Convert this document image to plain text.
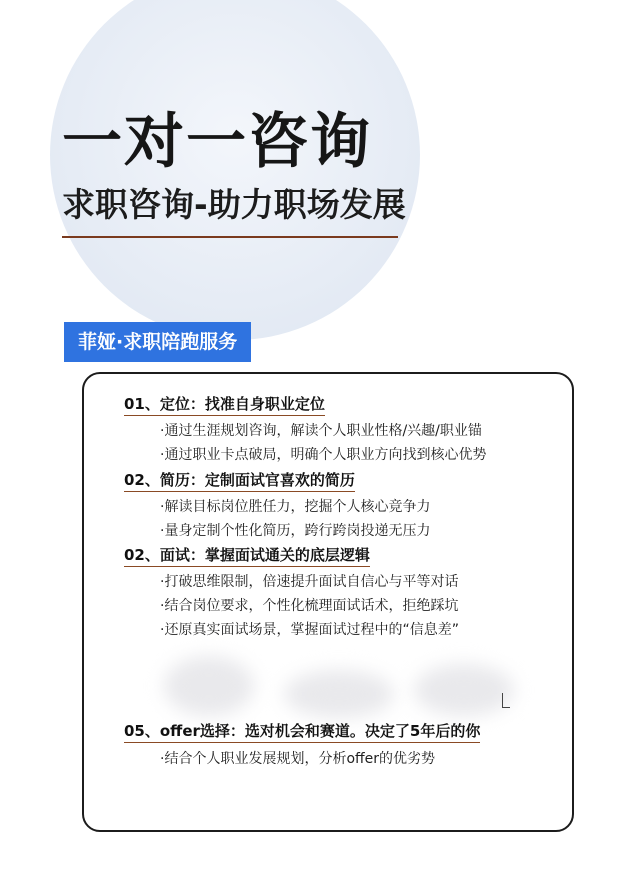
一对一咨询
求职咨询-助力职场发展
菲娅·求职陪跑服务
01、定位：找准自身职业定位
·通过生涯规划咨询，解读个人职业性格/兴趣/职业锚
·通过职业卡点破局，明确个人职业方向找到核心优势
02、简历：定制面试官喜欢的简历
·解读目标岗位胜任力，挖掘个人核心竞争力
·量身定制个性化简历，跨行跨岗投递无压力
02、面试：掌握面试通关的底层逻辑
·打破思维限制，倍速提升面试自信心与平等对话
·结合岗位要求，个性化梳理面试话术，拒绝踩坑
·还原真实面试场景，掌握面试过程中的“信息差”
05、offer选择：选对机会和赛道。决定了5年后的你
·结合个人职业发展规划，分析offer的优劣势
